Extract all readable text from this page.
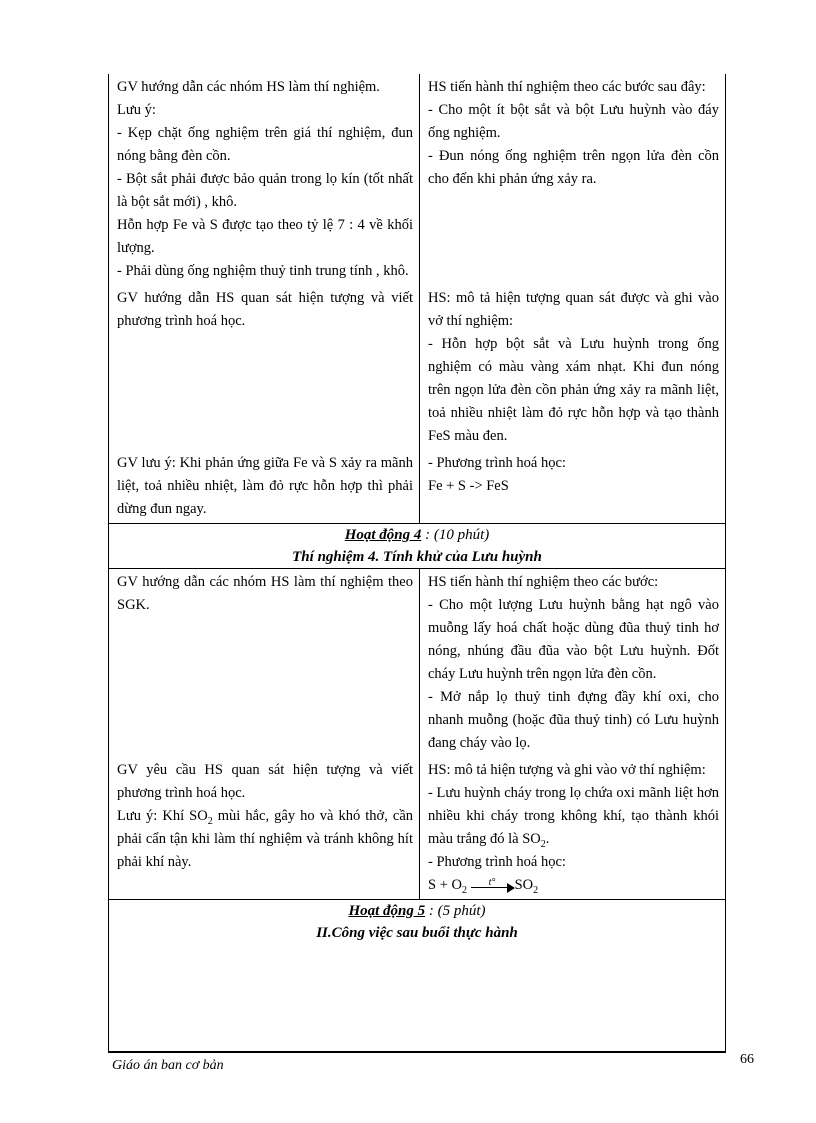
GV hướng dẫn các nhóm HS làm thí nghiệm.

Lưu ý:

- Kẹp chặt ống nghiệm trên giá thí nghiệm, đun nóng bằng đèn cồn.

- Bột sắt phải được bảo quản trong lọ kín (tốt nhất là bột sắt mới) , khô.

Hỗn hợp Fe và S được tạo theo tỷ lệ 7 : 4 về khối lượng.

- Phải dùng ống nghiệm thuỷ tinh trung tính , khô.

HS tiến hành thí nghiệm theo các bước sau đây:

- Cho một ít bột sắt và bột Lưu huỳnh vào đáy ống nghiệm.

- Đun nóng ống nghiệm trên ngọn lửa đèn cồn cho đến khi phản ứng xảy ra.

GV hướng dẫn HS quan sát hiện tượng và viết phương trình hoá học.

HS: mô tả hiện tượng quan sát được và ghi vào vở thí nghiệm:

- Hỗn hợp bột sắt và Lưu huỳnh trong ống nghiệm có màu vàng xám nhạt. Khi đun nóng trên ngọn lửa đèn cồn phản ứng xảy ra mãnh liệt, toả nhiều nhiệt làm đỏ rực hỗn hợp và tạo thành FeS màu đen.

GV lưu ý: Khi phản ứng giữa Fe và S xảy ra mãnh liệt, toả nhiều nhiệt, làm đỏ rực hỗn hợp thì phải dừng đun ngay.

- Phương trình hoá học:

Fe + S -> FeS

Hoạt động 4 : (10 phút)
Thí nghiệm 4. Tính khử của Lưu huỳnh

GV hướng dẫn các nhóm HS làm thí nghiệm theo SGK.

HS tiến hành thí nghiệm theo các bước:

- Cho một lượng Lưu huỳnh bằng hạt ngô vào muỗng lấy hoá chất hoặc dùng đũa thuỷ tinh hơ nóng, nhúng đầu đũa vào bột Lưu huỳnh. Đốt cháy Lưu huỳnh trên ngọn lửa đèn cồn.

- Mở nắp lọ thuỷ tinh đựng đầy khí oxi, cho nhanh muỗng (hoặc đũa thuỷ tinh) có Lưu huỳnh đang cháy vào lọ.

GV yêu cầu HS quan sát hiện tượng và viết phương trình hoá học.

Lưu ý: Khí $SO_2$ mùi hắc, gây ho và khó thở, cần phải cẩn tận khi làm thí nghiệm và tránh không hít phải khí này.

HS: mô tả hiện tượng và ghi vào vở thí nghiệm:

- Lưu huỳnh cháy trong lọ chứa oxi mãnh liệt hơn nhiều khi cháy trong không khí, tạo thành khói màu trắng đó là $SO_2$.

- Phương trình hoá học:

$S + O_2$
t° $SO_2$

Hoạt động 5 : (5 phút)
II.Công việc sau buổi thực hành
Giáo án ban cơ bản	66
